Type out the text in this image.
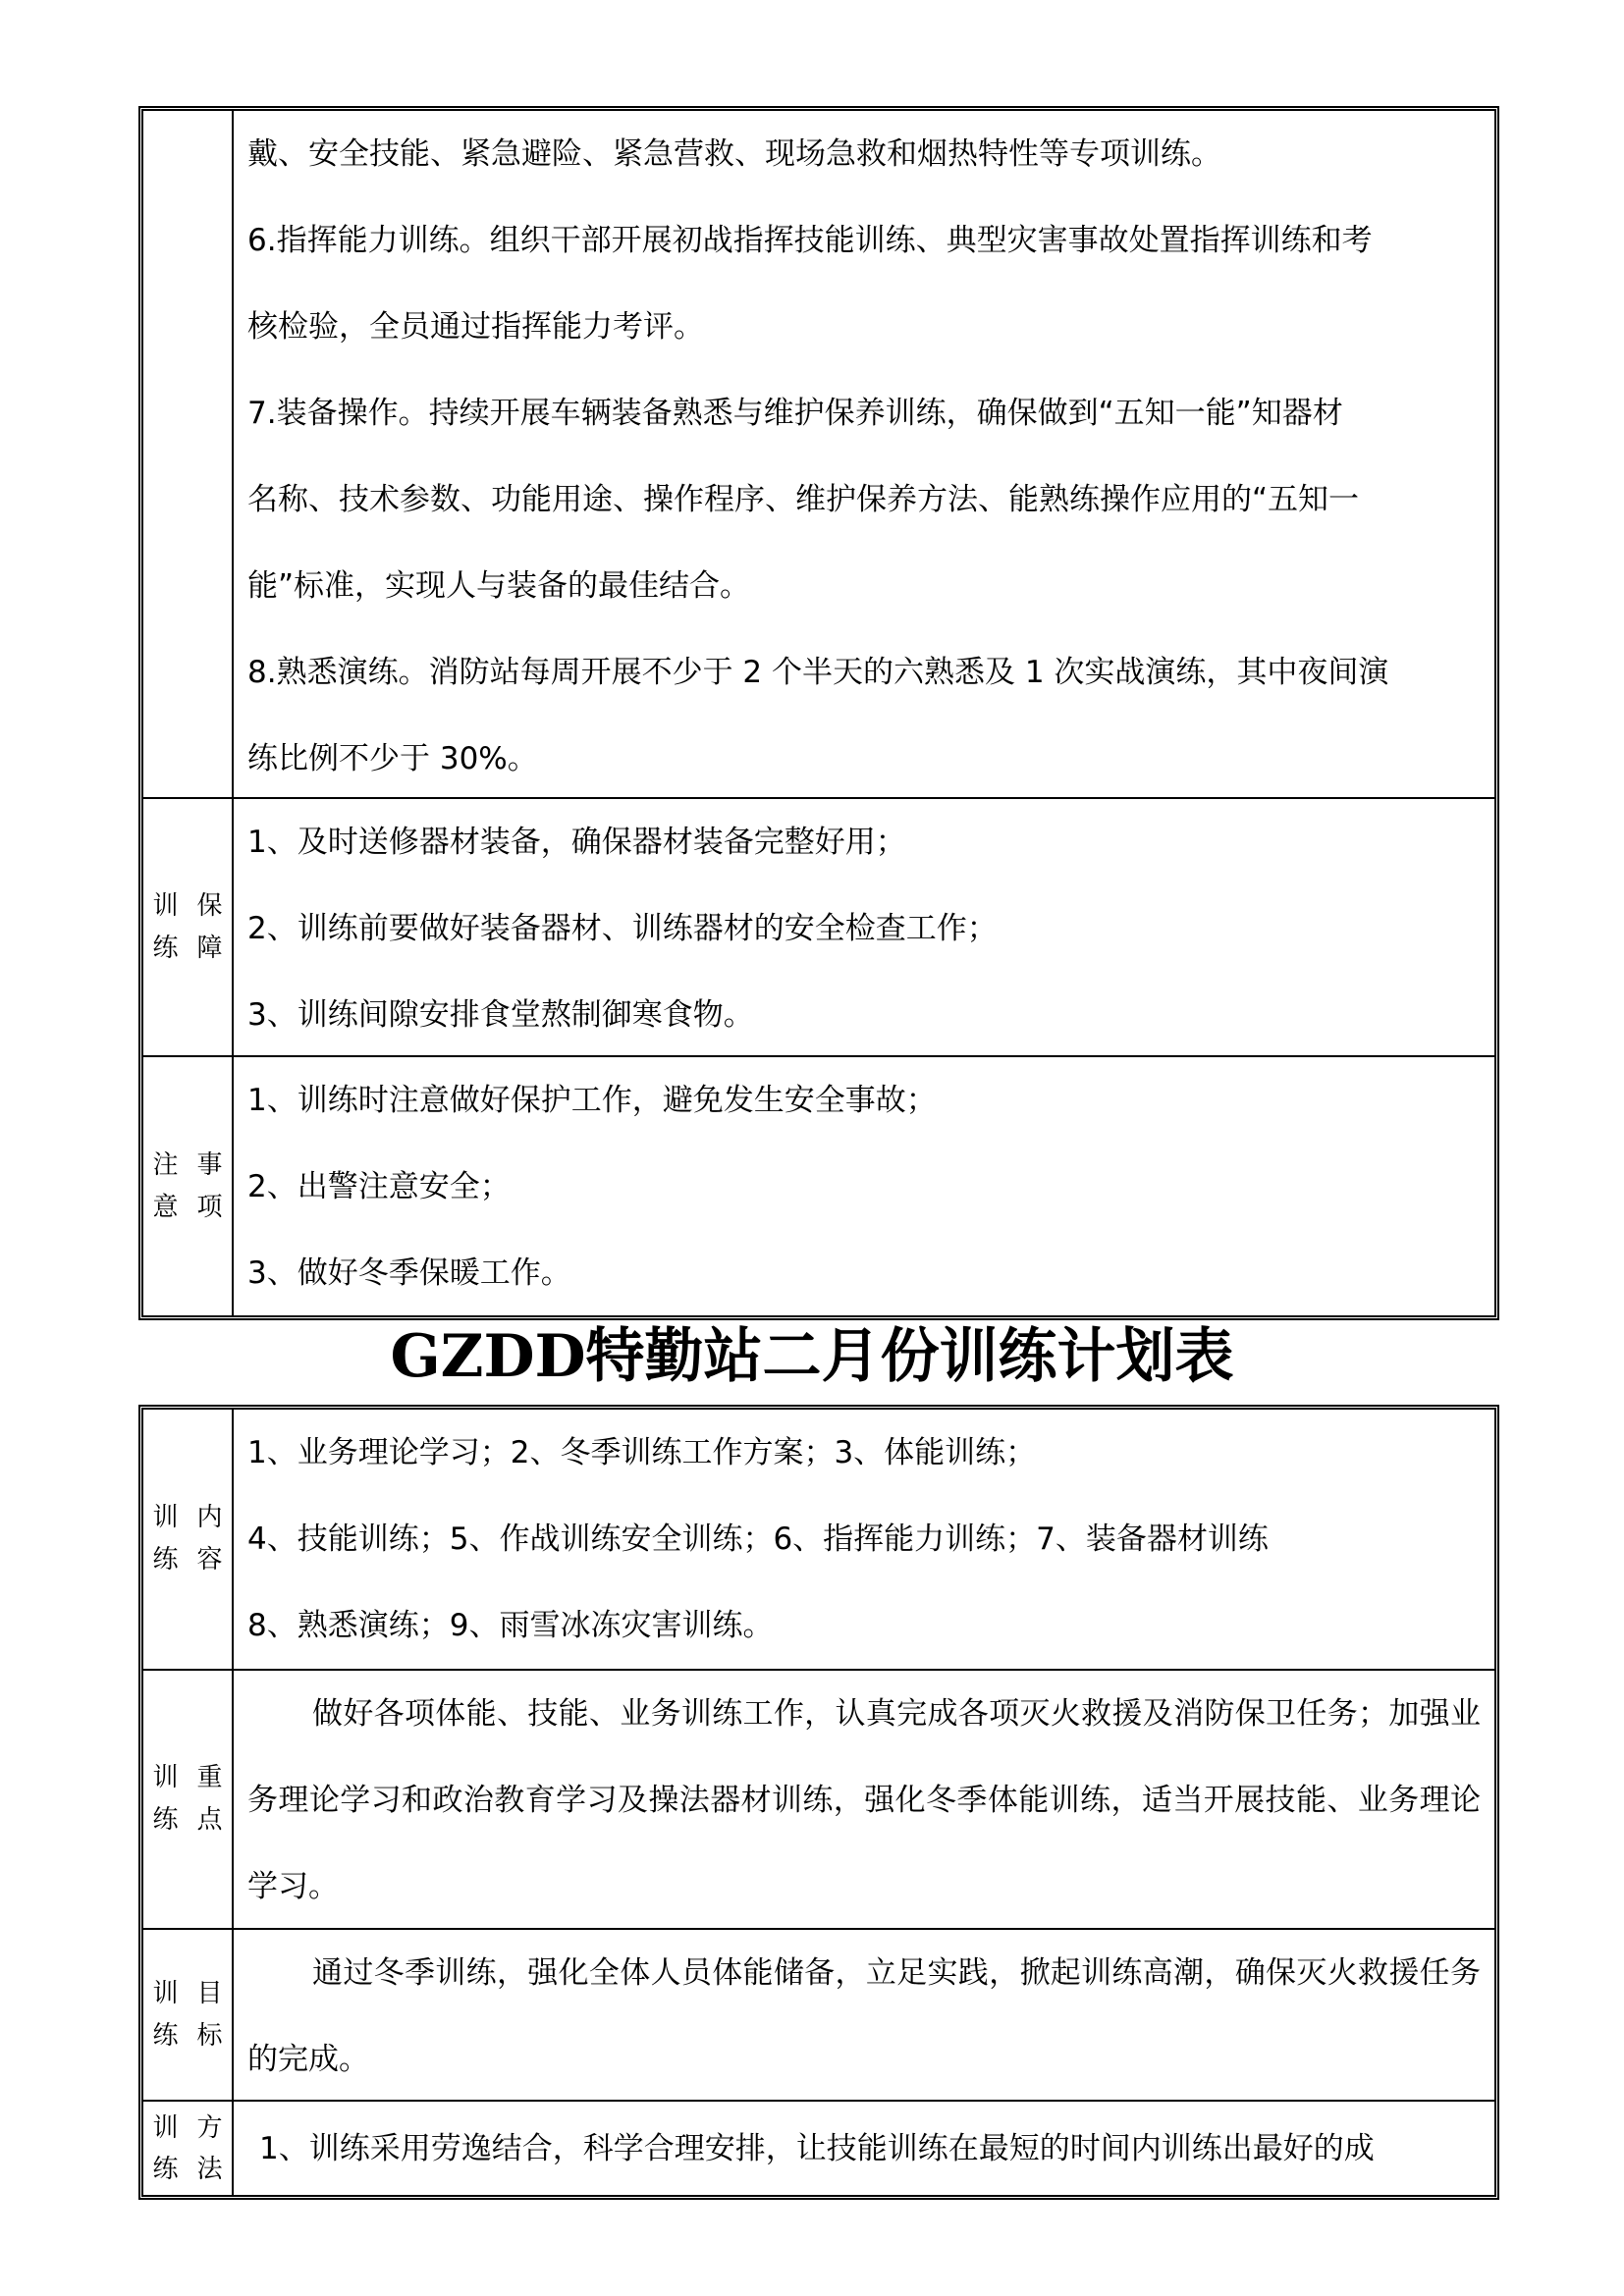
戴、安全技能、紧急避险、紧急营救、现场急救和烟热特性等专项训练。

6.指挥能力训练。组织干部开展初战指挥技能训练、典型灾害事故处置指挥训练和考

核检验，全员通过指挥能力考评。

7.装备操作。持续开展车辆装备熟悉与维护保养训练，确保做到“五知一能”知器材

名称、技术参数、功能用途、操作程序、维护保养方法、能熟练操作应用的“五知一

能”标准，实现人与装备的最佳结合。

8.熟悉演练。消防站每周开展不少于 2 个半天的六熟悉及 1 次实战演练，其中夜间演

练比例不少于 30%。

训练
保障

1、及时送修器材装备，确保器材装备完整好用；

2、训练前要做好装备器材、训练器材的安全检查工作；

3、训练间隙安排食堂熬制御寒食物。

注意
事项

1、训练时注意做好保护工作，避免发生安全事故；

2、出警注意安全；

3、做好冬季保暖工作。

GZDD特勤站二月份训练计划表
训练
内容

1、业务理论学习；2、冬季训练工作方案；3、体能训练；

4、技能训练；5、作战训练安全训练；6、指挥能力训练；7、装备器材训练

8、熟悉演练；9、雨雪冰冻灾害训练。

训练
重点

做好各项体能、技能、业务训练工作，认真完成各项灭火救援及消防保卫任务；加强业务理论学习和政治教育学习及操法器材训练，强化冬季体能训练，适当开展技能、业务理论学习。

训练
目标

通过冬季训练，强化全体人员体能储备，立足实践，掀起训练高潮，确保灭火救援任务的完成。

训练
方法

1、训练采用劳逸结合，科学合理安排，让技能训练在最短的时间内训练出最好的成
